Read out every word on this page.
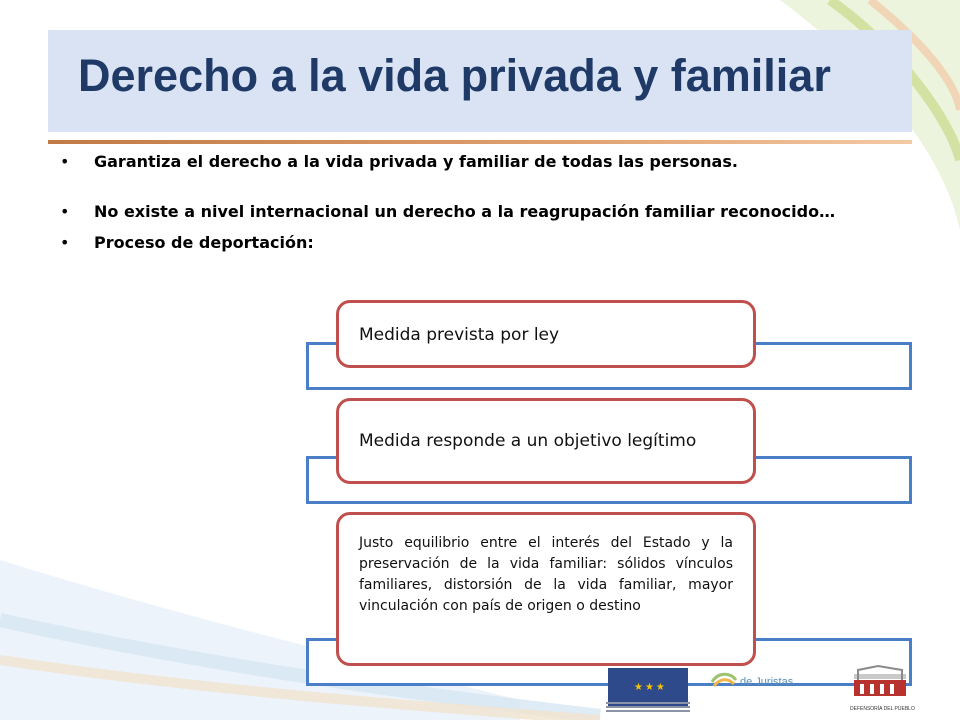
Derecho a la vida privada y familiar
• Garantiza el derecho a la vida privada y familiar de todas las personas.
• No existe a nivel internacional un derecho a la reagrupación familiar reconocido…
• Proceso de deportación:
Medida prevista por ley
Medida responde a un objetivo legítimo
Justo equilibrio entre el interés del Estado y la preservación de la vida familiar: sólidos vínculos familiares, distorsión de la vida familiar, mayor vinculación con país de origen o destino
★★★	de Juristas
DEFENSORÍA DEL PUEBLO
